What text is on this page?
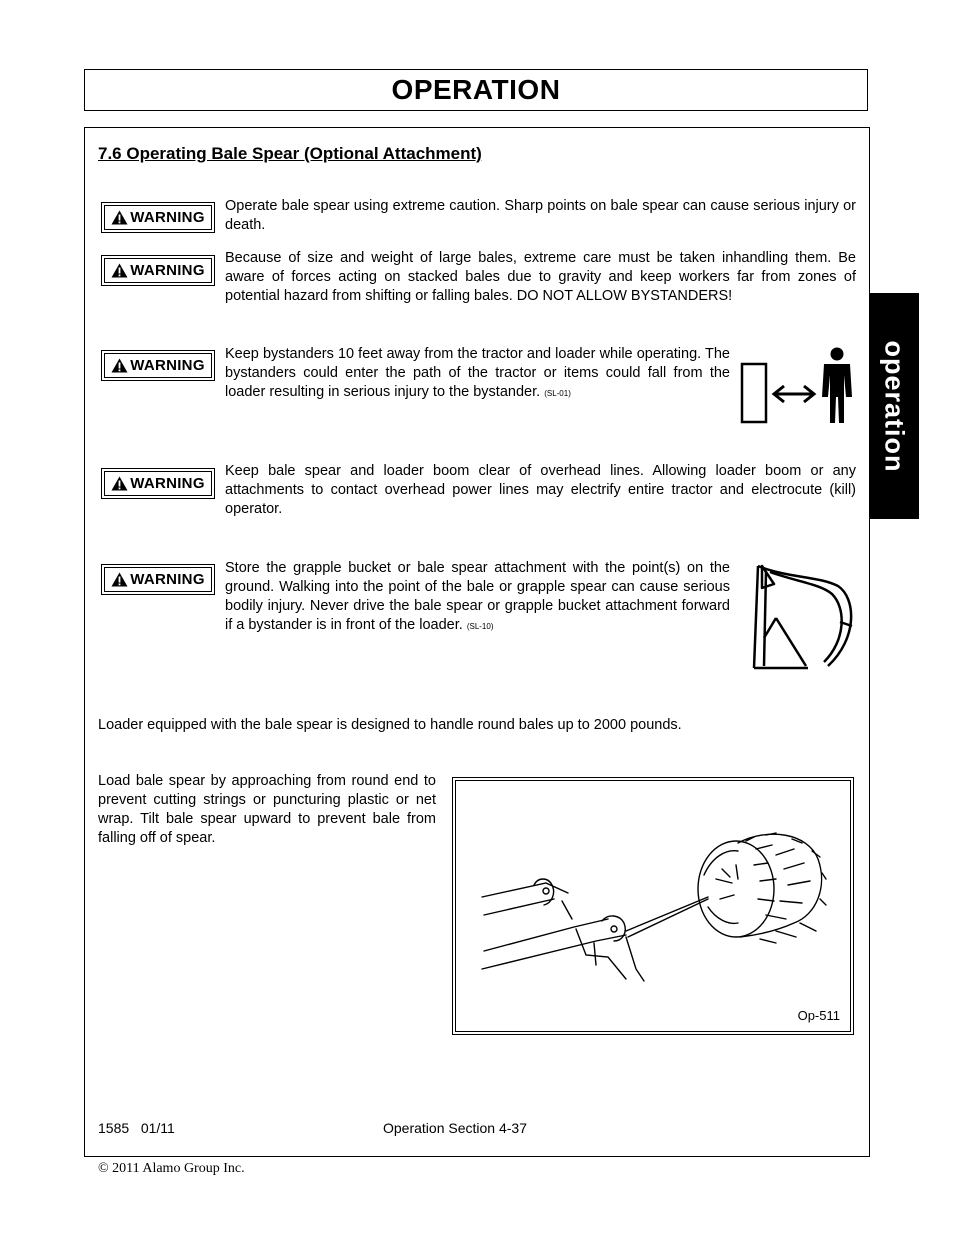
OPERATION
operation
7.6 Operating Bale Spear (Optional Attachment)
WARNING
Operate bale spear using extreme caution. Sharp points on bale spear can cause serious injury or death.
WARNING
Because of size and weight of large bales, extreme care must be taken inhandling them. Be aware of forces acting on stacked bales due to gravity and keep workers far from zones of potential hazard from shifting or falling bales. DO NOT ALLOW BYSTANDERS!
WARNING
Keep bystanders 10 feet away from the tractor and loader while operating. The bystanders could enter the path of the tractor or items could fall from the loader resulting in serious injury to the bystander. (SL-01)
WARNING
Keep bale spear and loader boom clear of overhead lines. Allowing loader boom or any attachments to contact overhead power lines may electrify entire tractor and electrocute (kill) operator.
WARNING
Store the grapple bucket or bale spear attachment with the point(s) on the ground. Walking into the point of the bale or grapple spear can cause serious bodily injury. Never drive the bale spear or grapple bucket attachment forward if a bystander is in front of the loader. (SL-10)
Loader equipped with the bale spear is designed to handle round bales up to 2000 pounds.
Load bale spear by approaching from round end to prevent cutting strings or puncturing plastic or net wrap. Tilt bale spear upward to prevent bale from falling off of spear.
Op-511
1585 01/11	Operation Section 4-37
© 2011 Alamo Group Inc.
